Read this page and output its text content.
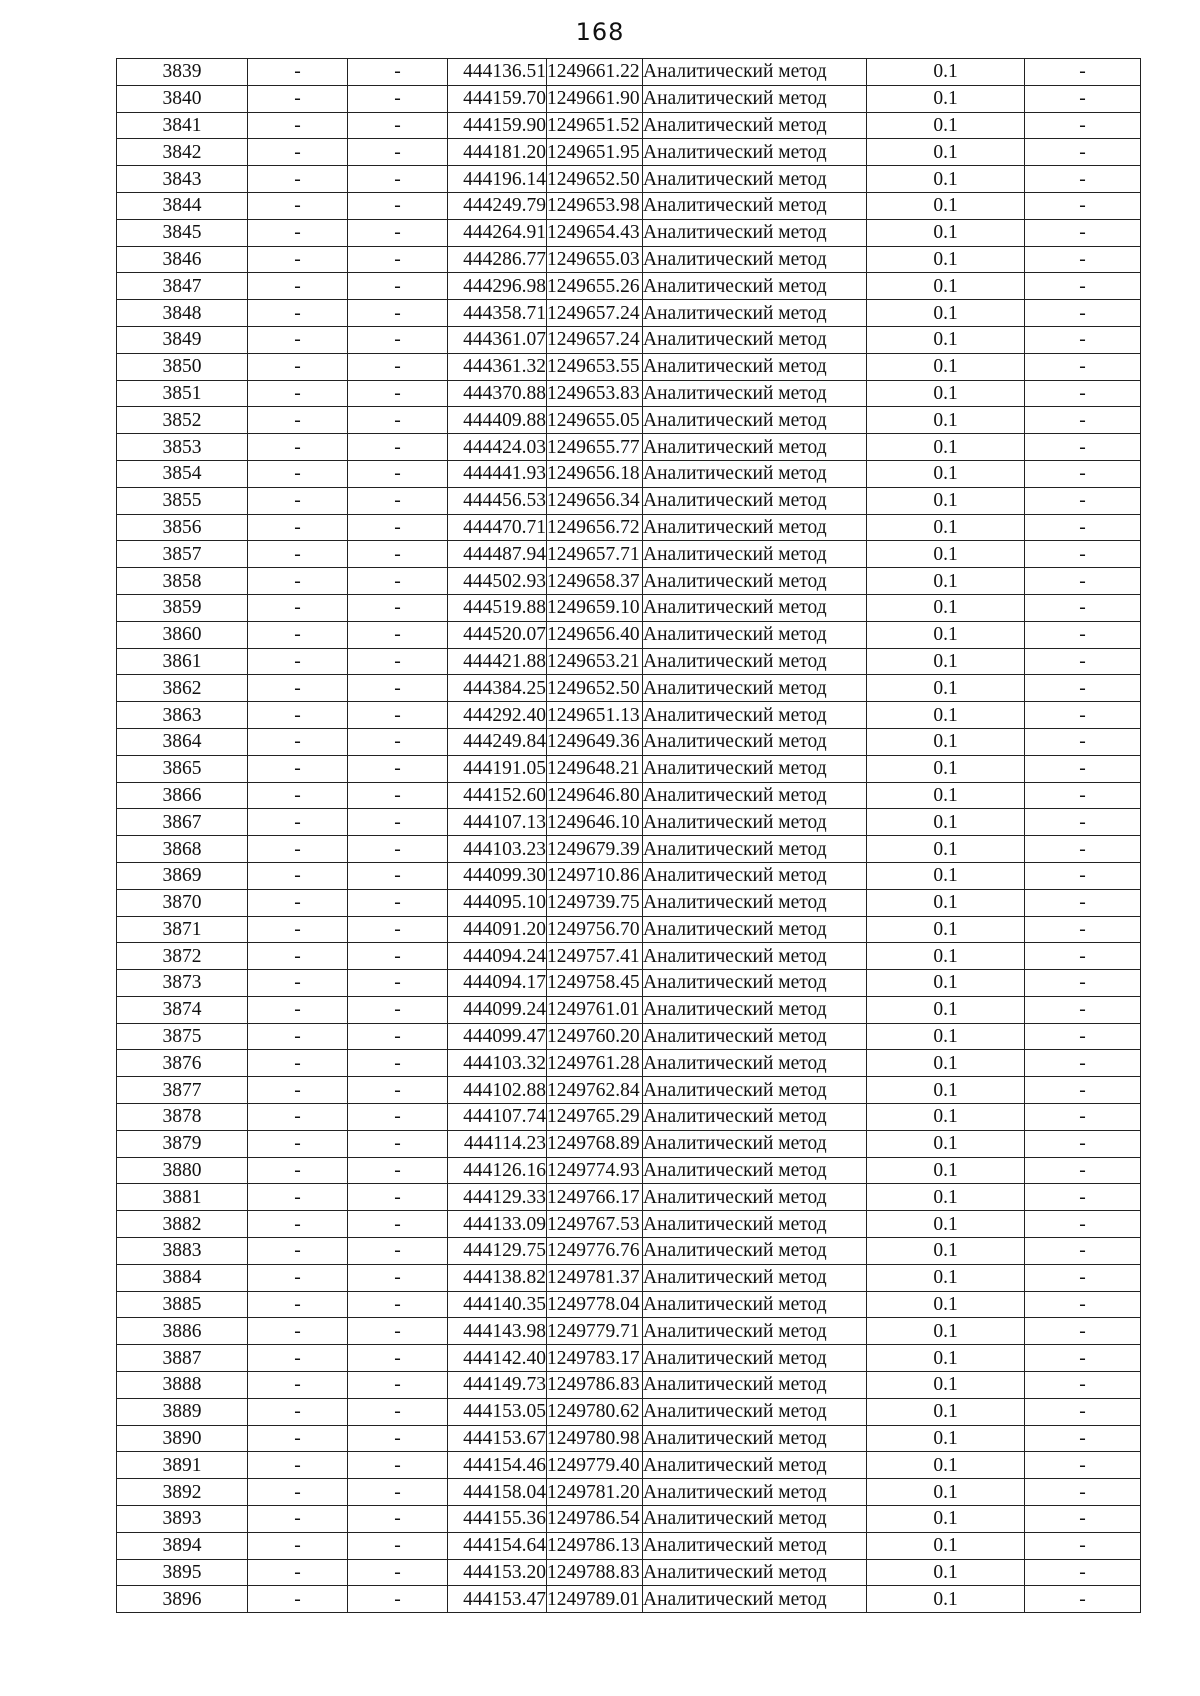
168
3839	-	-	444136.51	1249661.22	Аналитический метод	0.1	-
3840	-	-	444159.70	1249661.90	Аналитический метод	0.1	-
3841	-	-	444159.90	1249651.52	Аналитический метод	0.1	-
3842	-	-	444181.20	1249651.95	Аналитический метод	0.1	-
3843	-	-	444196.14	1249652.50	Аналитический метод	0.1	-
3844	-	-	444249.79	1249653.98	Аналитический метод	0.1	-
3845	-	-	444264.91	1249654.43	Аналитический метод	0.1	-
3846	-	-	444286.77	1249655.03	Аналитический метод	0.1	-
3847	-	-	444296.98	1249655.26	Аналитический метод	0.1	-
3848	-	-	444358.71	1249657.24	Аналитический метод	0.1	-
3849	-	-	444361.07	1249657.24	Аналитический метод	0.1	-
3850	-	-	444361.32	1249653.55	Аналитический метод	0.1	-
3851	-	-	444370.88	1249653.83	Аналитический метод	0.1	-
3852	-	-	444409.88	1249655.05	Аналитический метод	0.1	-
3853	-	-	444424.03	1249655.77	Аналитический метод	0.1	-
3854	-	-	444441.93	1249656.18	Аналитический метод	0.1	-
3855	-	-	444456.53	1249656.34	Аналитический метод	0.1	-
3856	-	-	444470.71	1249656.72	Аналитический метод	0.1	-
3857	-	-	444487.94	1249657.71	Аналитический метод	0.1	-
3858	-	-	444502.93	1249658.37	Аналитический метод	0.1	-
3859	-	-	444519.88	1249659.10	Аналитический метод	0.1	-
3860	-	-	444520.07	1249656.40	Аналитический метод	0.1	-
3861	-	-	444421.88	1249653.21	Аналитический метод	0.1	-
3862	-	-	444384.25	1249652.50	Аналитический метод	0.1	-
3863	-	-	444292.40	1249651.13	Аналитический метод	0.1	-
3864	-	-	444249.84	1249649.36	Аналитический метод	0.1	-
3865	-	-	444191.05	1249648.21	Аналитический метод	0.1	-
3866	-	-	444152.60	1249646.80	Аналитический метод	0.1	-
3867	-	-	444107.13	1249646.10	Аналитический метод	0.1	-
3868	-	-	444103.23	1249679.39	Аналитический метод	0.1	-
3869	-	-	444099.30	1249710.86	Аналитический метод	0.1	-
3870	-	-	444095.10	1249739.75	Аналитический метод	0.1	-
3871	-	-	444091.20	1249756.70	Аналитический метод	0.1	-
3872	-	-	444094.24	1249757.41	Аналитический метод	0.1	-
3873	-	-	444094.17	1249758.45	Аналитический метод	0.1	-
3874	-	-	444099.24	1249761.01	Аналитический метод	0.1	-
3875	-	-	444099.47	1249760.20	Аналитический метод	0.1	-
3876	-	-	444103.32	1249761.28	Аналитический метод	0.1	-
3877	-	-	444102.88	1249762.84	Аналитический метод	0.1	-
3878	-	-	444107.74	1249765.29	Аналитический метод	0.1	-
3879	-	-	444114.23	1249768.89	Аналитический метод	0.1	-
3880	-	-	444126.16	1249774.93	Аналитический метод	0.1	-
3881	-	-	444129.33	1249766.17	Аналитический метод	0.1	-
3882	-	-	444133.09	1249767.53	Аналитический метод	0.1	-
3883	-	-	444129.75	1249776.76	Аналитический метод	0.1	-
3884	-	-	444138.82	1249781.37	Аналитический метод	0.1	-
3885	-	-	444140.35	1249778.04	Аналитический метод	0.1	-
3886	-	-	444143.98	1249779.71	Аналитический метод	0.1	-
3887	-	-	444142.40	1249783.17	Аналитический метод	0.1	-
3888	-	-	444149.73	1249786.83	Аналитический метод	0.1	-
3889	-	-	444153.05	1249780.62	Аналитический метод	0.1	-
3890	-	-	444153.67	1249780.98	Аналитический метод	0.1	-
3891	-	-	444154.46	1249779.40	Аналитический метод	0.1	-
3892	-	-	444158.04	1249781.20	Аналитический метод	0.1	-
3893	-	-	444155.36	1249786.54	Аналитический метод	0.1	-
3894	-	-	444154.64	1249786.13	Аналитический метод	0.1	-
3895	-	-	444153.20	1249788.83	Аналитический метод	0.1	-
3896	-	-	444153.47	1249789.01	Аналитический метод	0.1	-
